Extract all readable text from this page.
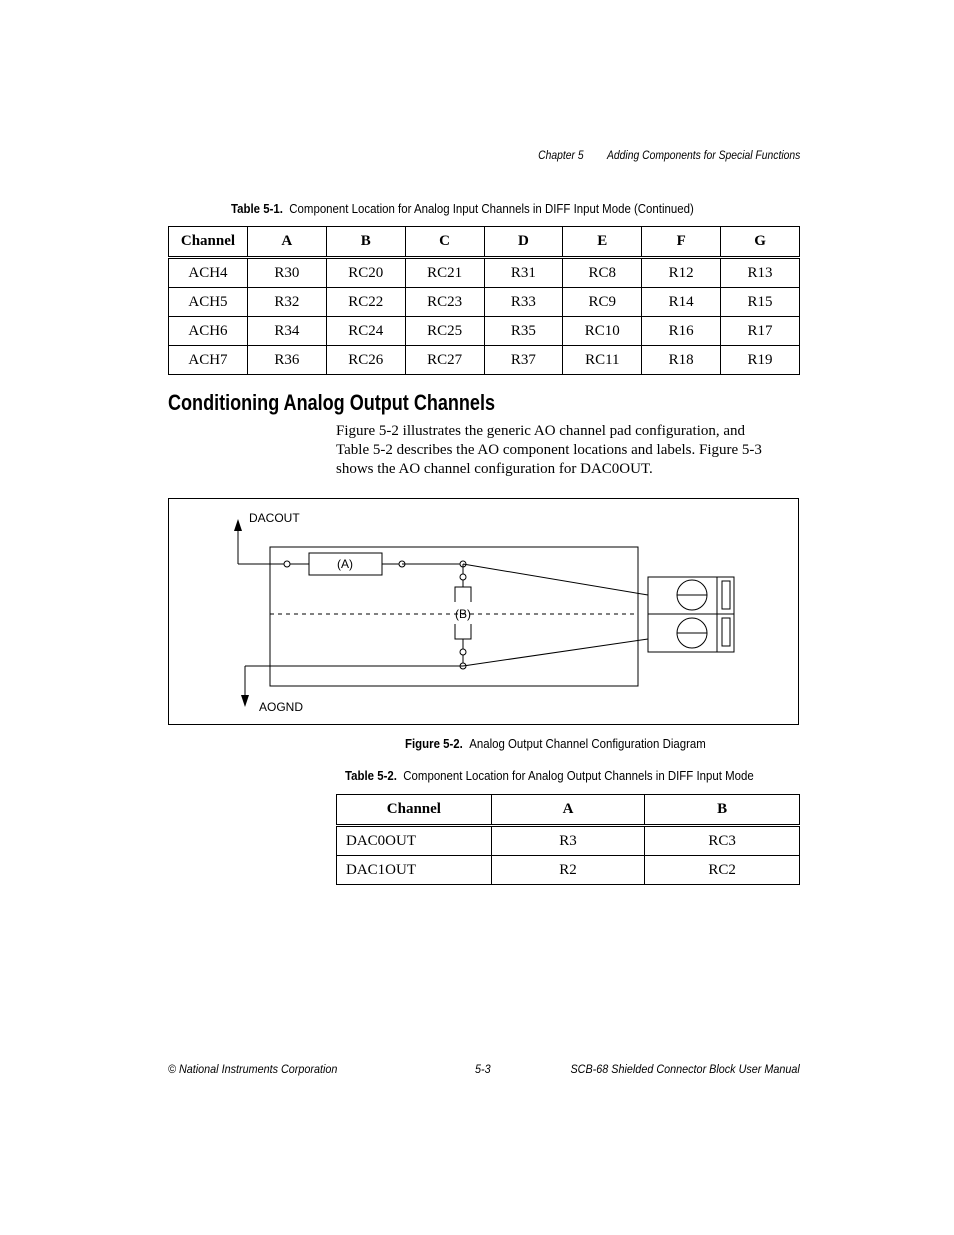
Chapter 5 Adding Components for Special Functions
Table 5-1. Component Location for Analog Input Channels in DIFF Input Mode (Continued)
Channel	A	B	C	D	E	F	G
ACH4	R30	RC20	RC21	R31	RC8	R12	R13
ACH5	R32	RC22	RC23	R33	RC9	R14	R15
ACH6	R34	RC24	RC25	R35	RC10	R16	R17
ACH7	R36	RC26	RC27	R37	RC11	R18	R19
Conditioning Analog Output Channels
Figure 5-2 illustrates the generic AO channel pad configuration, and
Table 5-2 describes the AO component locations and labels. Figure 5-3
shows the AO channel configuration for DAC0OUT.
DACOUT
AOGND
(A)
(B)
Figure 5-2. Analog Output Channel Configuration Diagram
Table 5-2. Component Location for Analog Output Channels in DIFF Input Mode
Channel	A	B
DAC0OUT	R3	RC3
DAC1OUT	R2	RC2
© National Instruments Corporation	5-3	SCB-68 Shielded Connector Block User Manual
